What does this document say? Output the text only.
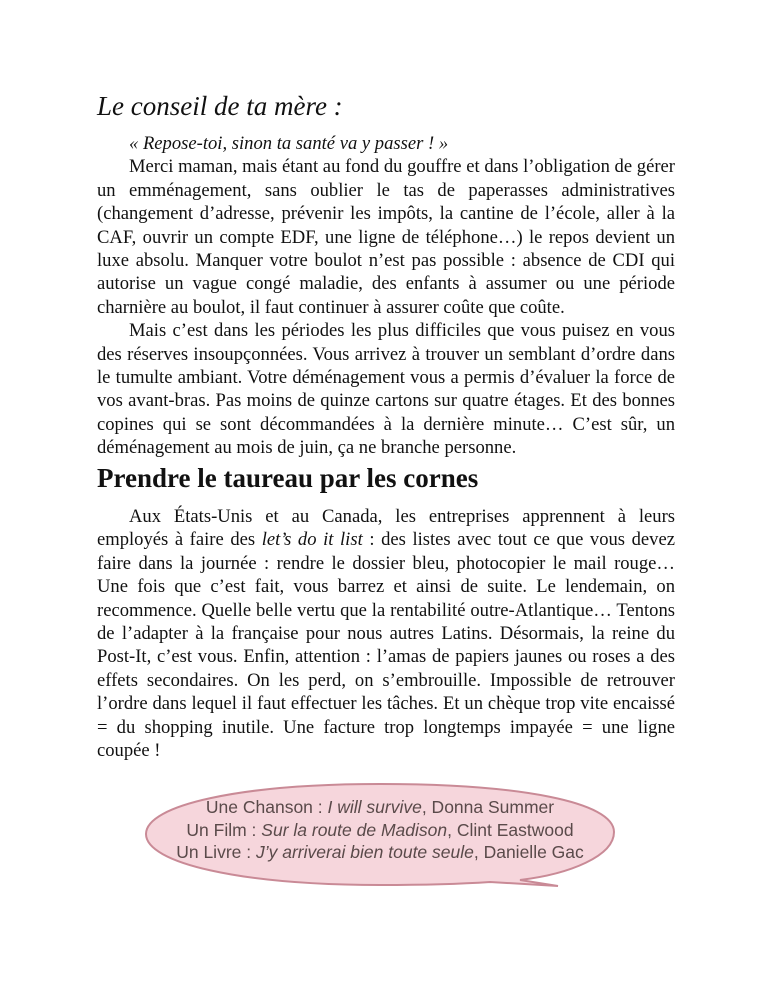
Le conseil de ta mère :

« Repose-toi, sinon ta santé va y passer ! »

Merci maman, mais étant au fond du gouffre et dans l’obligation de gérer un emménagement, sans oublier le tas de paperasses administratives (changement d’adresse, prévenir les impôts, la cantine de l’école, aller à la CAF, ouvrir un compte EDF, une ligne de téléphone…) le repos devient un luxe absolu. Manquer votre boulot n’est pas possible : absence de CDI qui autorise un vague congé maladie, des enfants à assumer ou une période charnière au boulot, il faut continuer à assurer coûte que coûte.

Mais c’est dans les périodes les plus difficiles que vous puisez en vous des réserves insoupçonnées. Vous arrivez à trouver un semblant d’ordre dans le tumulte ambiant. Votre déménagement vous a permis d’évaluer la force de vos avant-bras. Pas moins de quinze cartons sur quatre étages. Et des bonnes copines qui se sont décommandées à la dernière minute… C’est sûr, un déménagement au mois de juin, ça ne branche personne.

Prendre le taureau par les cornes

Aux États-Unis et au Canada, les entreprises apprennent à leurs employés à faire des let’s do it list : des listes avec tout ce que vous devez faire dans la journée : rendre le dossier bleu, photocopier le mail rouge… Une fois que c’est fait, vous barrez et ainsi de suite. Le lendemain, on recommence. Quelle belle vertu que la rentabilité outre-Atlantique… Tentons de l’adapter à la française pour nous autres Latins. Désormais, la reine du Post-It, c’est vous. Enfin, attention : l’amas de papiers jaunes ou roses a des effets secondaires. On les perd, on s’embrouille. Impossible de retrouver l’ordre dans lequel il faut effectuer les tâches. Et un chèque trop vite encaissé = du shopping inutile. Une facture trop longtemps impayée = une ligne coupée !

Une Chanson : I will survive, Donna Summer
Un Film : Sur la route de Madison, Clint Eastwood
Un Livre : J’y arriverai bien toute seule, Danielle Gac
